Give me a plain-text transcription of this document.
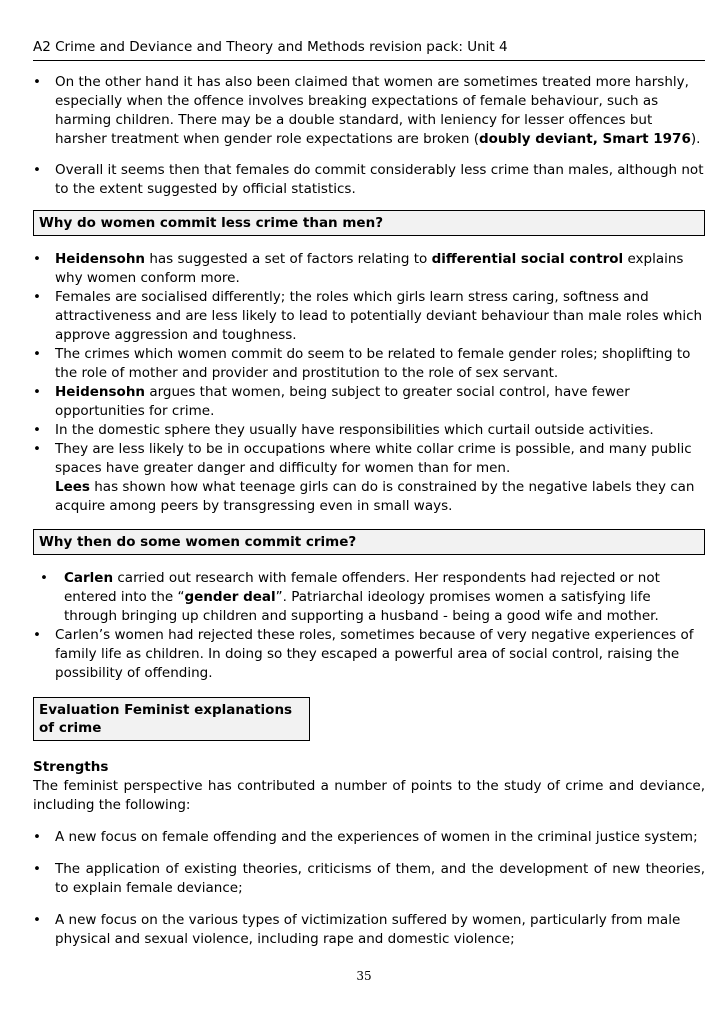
A2 Crime and Deviance and Theory and Methods revision pack: Unit 4
• On the other hand it has also been claimed that women are sometimes treated more harshly, especially when the offence involves breaking expectations of female behaviour, such as harming children. There may be a double standard, with leniency for lesser offences but harsher treatment when gender role expectations are broken (doubly deviant, Smart 1976).
• Overall it seems then that females do commit considerably less crime than males, although not to the extent suggested by official statistics.
Why do women commit less crime than men?
• Heidensohn has suggested a set of factors relating to differential social control explains why women conform more.
• Females are socialised differently; the roles which girls learn stress caring, softness and attractiveness and are less likely to lead to potentially deviant behaviour than male roles which approve aggression and toughness.
• The crimes which women commit do seem to be related to female gender roles; shoplifting to the role of mother and provider and prostitution to the role of sex servant.
• Heidensohn argues that women, being subject to greater social control, have fewer opportunities for crime.
• In the domestic sphere they usually have responsibilities which curtail outside activities.
• They are less likely to be in occupations where white collar crime is possible, and many public spaces have greater danger and difficulty for women than for men.
Lees has shown how what teenage girls can do is constrained by the negative labels they can acquire among peers by transgressing even in small ways.
Why then do some women commit crime?
• Carlen carried out research with female offenders. Her respondents had rejected or not entered into the “gender deal”. Patriarchal ideology promises women a satisfying life through bringing up children and supporting a husband - being a good wife and mother.
• Carlen’s women had rejected these roles, sometimes because of very negative experiences of family life as children. In doing so they escaped a powerful area of social control, raising the possibility of offending.
Evaluation Feminist explanations of crime
Strengths
The feminist perspective has contributed a number of points to the study of crime and deviance, including the following:
• A new focus on female offending and the experiences of women in the criminal justice system;
• The application of existing theories, criticisms of them, and the development of new theories, to explain female deviance;
• A new focus on the various types of victimization suffered by women, particularly from male physical and sexual violence, including rape and domestic violence;
35
